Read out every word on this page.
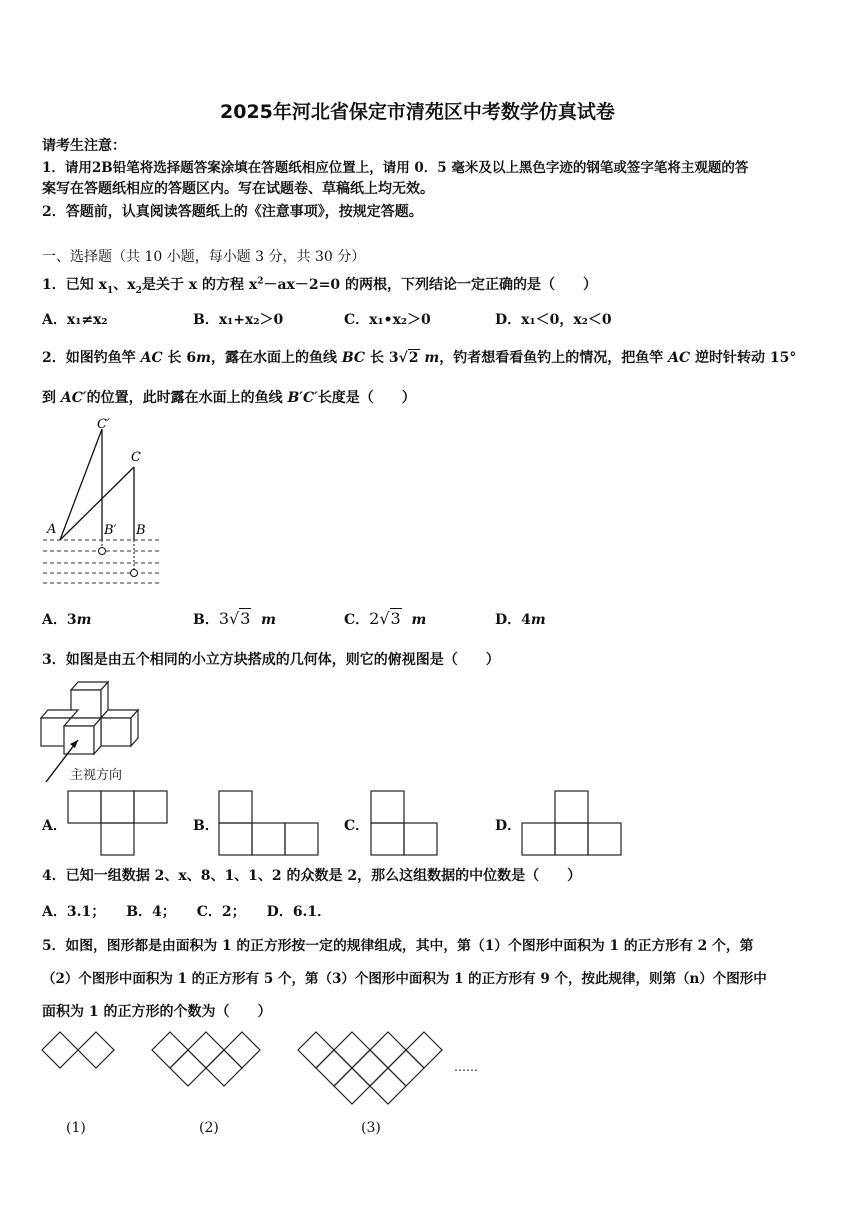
2025年河北省保定市清苑区中考数学仿真试卷
请考生注意：
1．请用2B铅笔将选择题答案涂填在答题纸相应位置上，请用 0．5 毫米及以上黑色字迹的钢笔或签字笔将主观题的答
案写在答题纸相应的答题区内。写在试题卷、草稿纸上均无效。
2．答题前，认真阅读答题纸上的《注意事项》，按规定答题。
一、选择题（共 10 小题，每小题 3 分，共 30 分）
1．已知 $x_1$、$x_2$是关于 x 的方程 $x^2-ax-2=0$ 的两根，下列结论一定正确的是（　　）
A．x₁≠x₂	B．x₁+x₂＞0	C．x₁•x₂＞0	D．x₁＜0，x₂＜0
2．如图钓鱼竿 AC 长 6m，露在水面上的鱼线 BC 长 3√2 m，钓者想看看鱼钓上的情况，把鱼竿 AC 逆时针转动 15°
到 AC′的位置，此时露在水面上的鱼线 B′C′长度是（　　）
C′
C
A	B′ B
A．3m	B．3√3 m	C．2√3 m	D．4m
3．如图是由五个相同的小立方块搭成的几何体，则它的俯视图是（　　）
主视方向
A．	B．	C．	D．
4．已知一组数据 2、x、8、1、1、2 的众数是 2，那么这组数据的中位数是（　　）
A．3.1；　　B．4；　　C．2；　　D．6.1．
5．如图，图形都是由面积为 1 的正方形按一定的规律组成，其中，第（1）个图形中面积为 1 的正方形有 2 个，第
（2）个图形中面积为 1 的正方形有 5 个，第（3）个图形中面积为 1 的正方形有 9 个，按此规律，则第（n）个图形中
面积为 1 的正方形的个数为（　　）
……
(1)	(2)	(3)
